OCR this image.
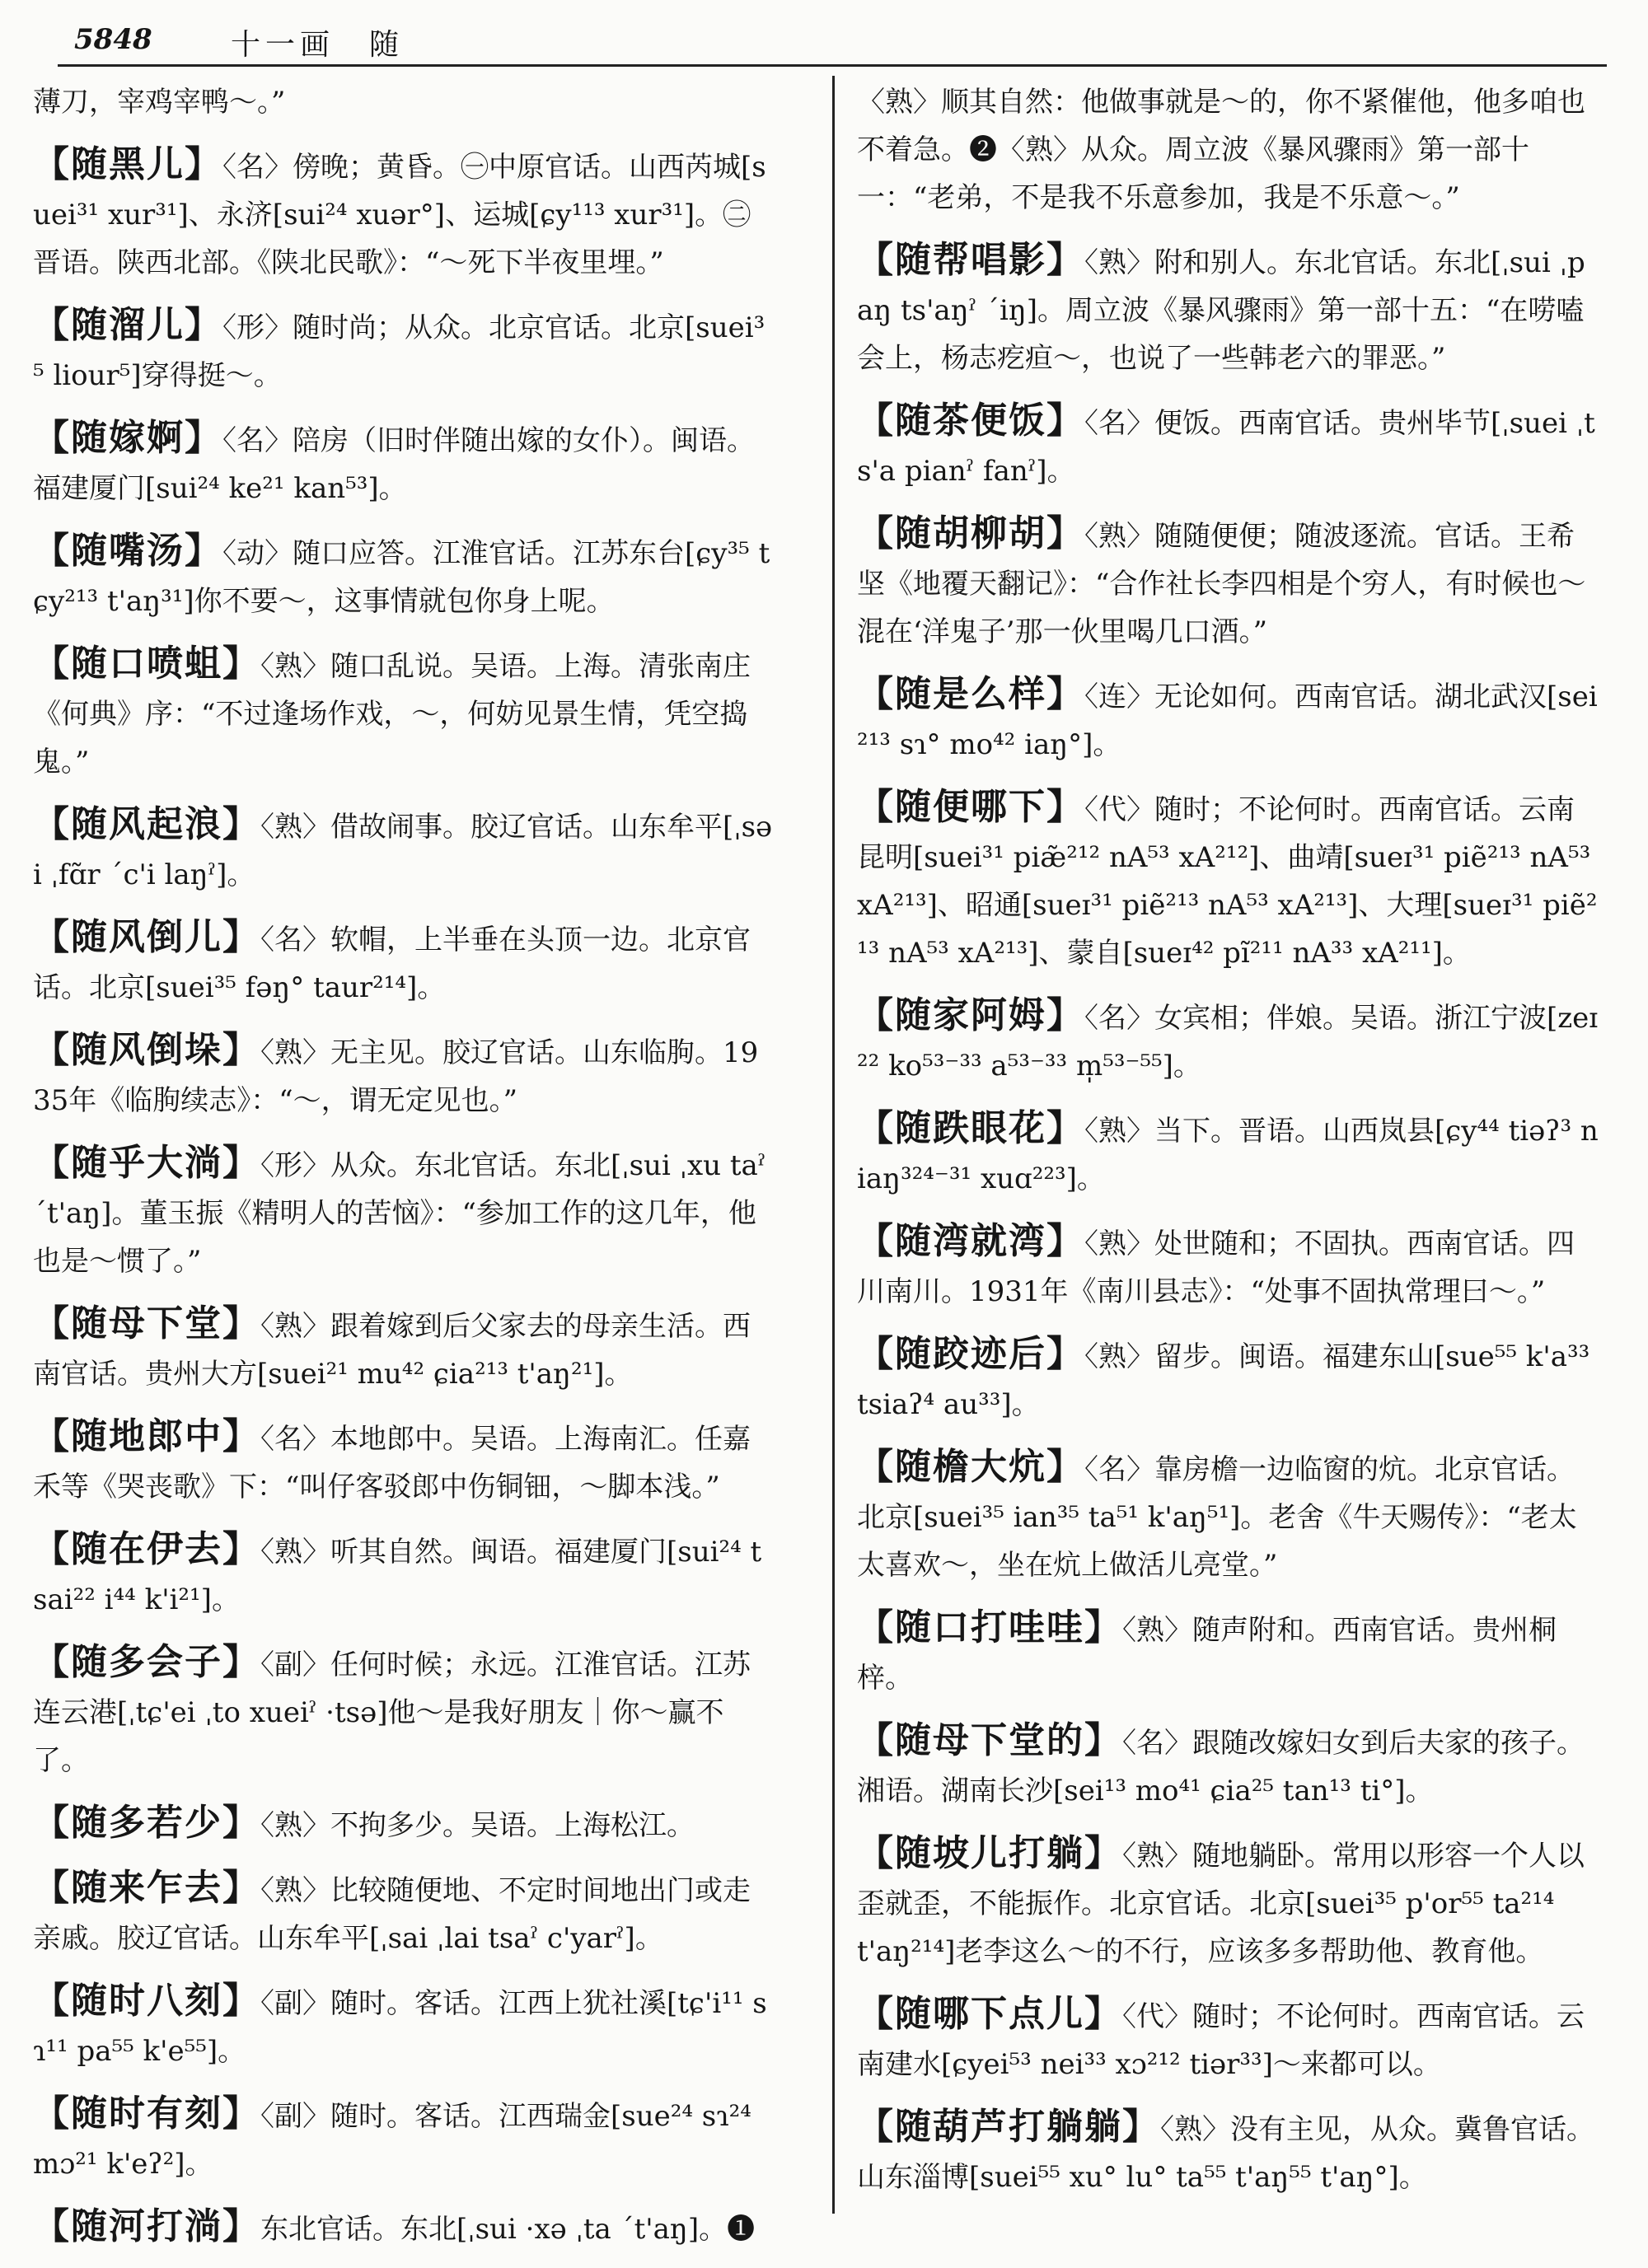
5848	十一画　随

薄刀，宰鸡宰鸭～。”

【随黑儿】〈名〉傍晚；黄昏。㊀中原官话。山西芮城[suei³¹ xur³¹]、永济[sui²⁴ xuər°]、运城[ɕy¹¹³ xur³¹]。㊁晋语。陕西北部。《陕北民歌》：“～死下半夜里埋。”

【随溜儿】〈形〉随时尚；从众。北京官话。北京[suei³⁵ liour⁵]穿得挺～。

【随嫁婀】〈名〉陪房（旧时伴随出嫁的女仆）。闽语。福建厦门[sui²⁴ ke²¹ kan⁵³]。

【随嘴汤】〈动〉随口应答。江淮官话。江苏东台[ɕy³⁵ tɕy²¹³ t'aŋ³¹]你不要～，这事情就包你身上呢。

【随口喷蛆】〈熟〉随口乱说。吴语。上海。清张南庄《何典》序：“不过逢场作戏，～，何妨见景生情，凭空捣鬼。”

【随风起浪】〈熟〉借故闹事。胶辽官话。山东牟平[ˌsəi ˌfɑ̃r ˊc'i laŋˀ]。

【随风倒儿】〈名〉软帽，上半垂在头顶一边。北京官话。北京[suei³⁵ fəŋ° taur²¹⁴]。

【随风倒垛】〈熟〉无主见。胶辽官话。山东临朐。1935年《临朐续志》：“～，谓无定见也。”

【随乎大淌】〈形〉从众。东北官话。东北[ˌsui ˌxu taˀ ˊt'aŋ]。董玉振《精明人的苦恼》：“参加工作的这几年，他也是～惯了。”

【随母下堂】〈熟〉跟着嫁到后父家去的母亲生活。西南官话。贵州大方[suei²¹ mu⁴² ɕia²¹³ t'aŋ²¹]。

【随地郎中】〈名〉本地郎中。吴语。上海南汇。任嘉禾等《哭丧歌》下：“叫仔客驳郎中伤铜钿，～脚本浅。”

【随在伊去】〈熟〉听其自然。闽语。福建厦门[sui²⁴ tsai²² i⁴⁴ k'i²¹]。

【随多会子】〈副〉任何时候；永远。江淮官话。江苏连云港[ˌtɕ'ei ˌto xueiˀ ·tsə]他～是我好朋友｜你～赢不了。

【随多若少】〈熟〉不拘多少。吴语。上海松江。

【随来乍去】〈熟〉比较随便地、不定时间地出门或走亲戚。胶辽官话。山东牟平[ˌsai ˌlai tsaˀ c'yarˀ]。

【随时八刻】〈副〉随时。客话。江西上犹社溪[tɕ'i¹¹ sɿ¹¹ pa⁵⁵ k'e⁵⁵]。

【随时有刻】〈副〉随时。客话。江西瑞金[sue²⁴ sɿ²⁴ mɔ²¹ k'eʔ²]。

【随河打淌】东北官话。东北[ˌsui ·xə ˌta ˊt'aŋ]。❶

〈熟〉顺其自然：他做事就是～的，你不紧催他，他多咱也不着急。❷〈熟〉从众。周立波《暴风骤雨》第一部十一：“老弟，不是我不乐意参加，我是不乐意～。”

【随帮唱影】〈熟〉附和别人。东北官话。东北[ˌsui ˌpaŋ ts'aŋˀ ˊiŋ]。周立波《暴风骤雨》第一部十五：“在唠嗑会上，杨志疙疸～，也说了一些韩老六的罪恶。”

【随茶便饭】〈名〉便饭。西南官话。贵州毕节[ˌsuei ˌts'a pianˀ fanˀ]。

【随胡柳胡】〈熟〉随随便便；随波逐流。官话。王希坚《地覆天翻记》：“合作社长李四相是个穷人，有时候也～混在‘洋鬼子’那一伙里喝几口酒。”

【随是么样】〈连〉无论如何。西南官话。湖北武汉[sei²¹³ sɿ° mo⁴² iaŋ°]。

【随便哪下】〈代〉随时；不论何时。西南官话。云南昆明[suei³¹ piæ̃²¹² nA⁵³ xA²¹²]、曲靖[sueɪ³¹ piẽ²¹³ nA⁵³ xA²¹³]、昭通[sueɪ³¹ piẽ²¹³ nA⁵³ xA²¹³]、大理[sueɪ³¹ piẽ²¹³ nA⁵³ xA²¹³]、蒙自[sueɪ⁴² pĩ²¹¹ nA³³ xA²¹¹]。

【随家阿姆】〈名〉女宾相；伴娘。吴语。浙江宁波[zeɪ²² ko⁵³⁻³³ a⁵³⁻³³ m̩⁵³⁻⁵⁵]。

【随跌眼花】〈熟〉当下。晋语。山西岚县[ɕy⁴⁴ tiəʔ³ niaŋ³²⁴⁻³¹ xuɑ²²³]。

【随湾就湾】〈熟〉处世随和；不固执。西南官话。四川南川。1931年《南川县志》：“处事不固执常理曰～。”

【随跤迹后】〈熟〉留步。闽语。福建东山[sue⁵⁵ k'a³³ tsiaʔ⁴ au³³]。

【随檐大炕】〈名〉靠房檐一边临窗的炕。北京官话。北京[suei³⁵ ian³⁵ ta⁵¹ k'aŋ⁵¹]。老舍《牛天赐传》：“老太太喜欢～，坐在炕上做活儿亮堂。”

【随口打哇哇】〈熟〉随声附和。西南官话。贵州桐梓。

【随母下堂的】〈名〉跟随改嫁妇女到后夫家的孩子。湘语。湖南长沙[sei¹³ mo⁴¹ ɕia²⁵ tan¹³ ti°]。

【随坡儿打躺】〈熟〉随地躺卧。常用以形容一个人以歪就歪，不能振作。北京官话。北京[suei³⁵ p'or⁵⁵ ta²¹⁴ t'aŋ²¹⁴]老李这么～的不行，应该多多帮助他、教育他。

【随哪下点儿】〈代〉随时；不论何时。西南官话。云南建水[ɕyei⁵³ nei³³ xɔ²¹² tiər³³]～来都可以。

【随葫芦打躺躺】〈熟〉没有主见，从众。冀鲁官话。山东淄博[suei⁵⁵ xu° lu° ta⁵⁵ t'aŋ⁵⁵ t'aŋ°]。
